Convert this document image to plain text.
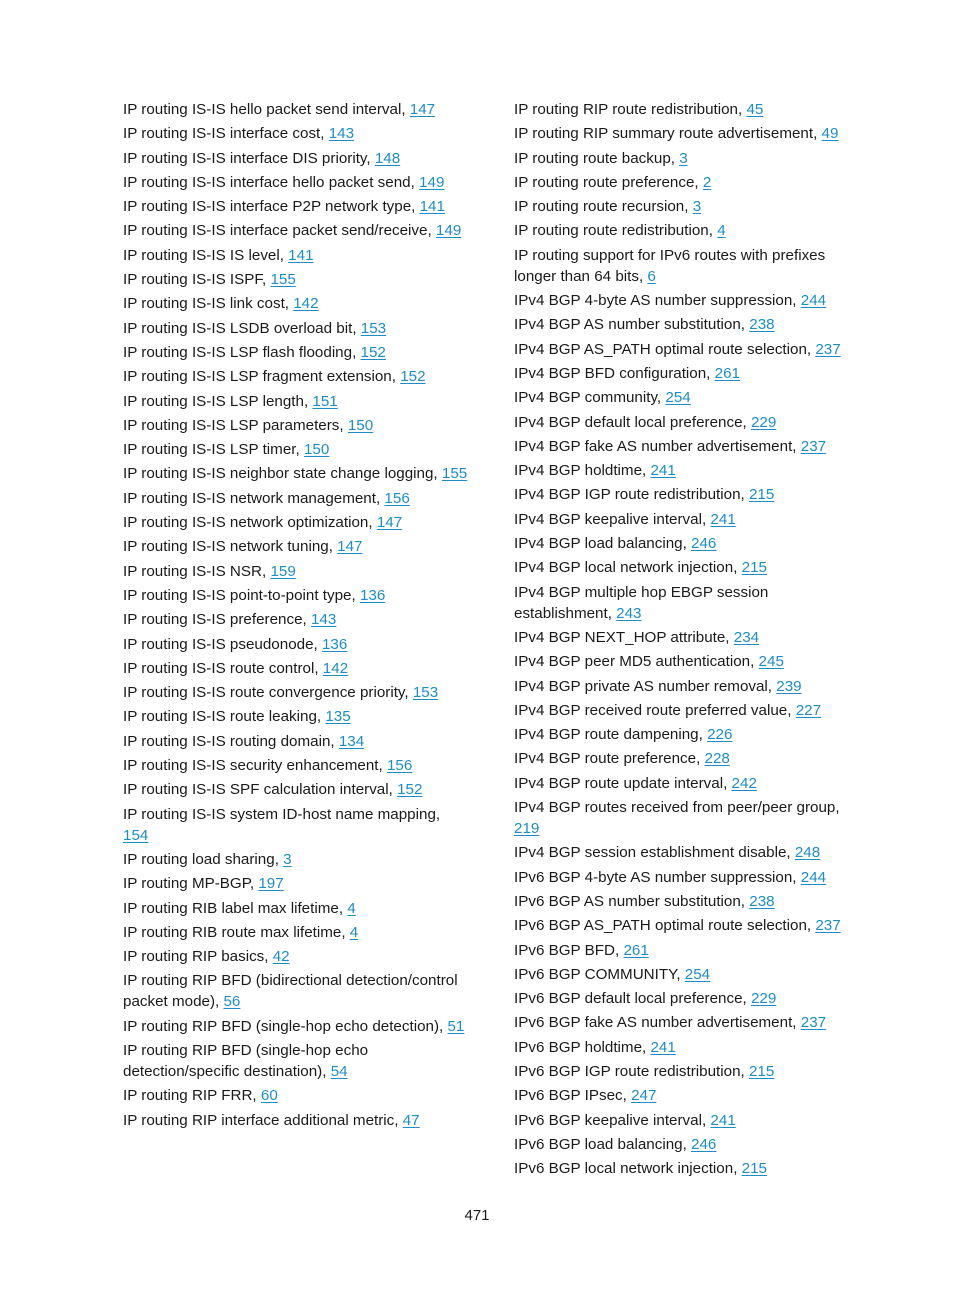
IP routing IS-IS hello packet send interval, 147
IP routing IS-IS interface cost, 143
IP routing IS-IS interface DIS priority, 148
IP routing IS-IS interface hello packet send, 149
IP routing IS-IS interface P2P network type, 141
IP routing IS-IS interface packet send/receive, 149
IP routing IS-IS IS level, 141
IP routing IS-IS ISPF, 155
IP routing IS-IS link cost, 142
IP routing IS-IS LSDB overload bit, 153
IP routing IS-IS LSP flash flooding, 152
IP routing IS-IS LSP fragment extension, 152
IP routing IS-IS LSP length, 151
IP routing IS-IS LSP parameters, 150
IP routing IS-IS LSP timer, 150
IP routing IS-IS neighbor state change logging, 155
IP routing IS-IS network management, 156
IP routing IS-IS network optimization, 147
IP routing IS-IS network tuning, 147
IP routing IS-IS NSR, 159
IP routing IS-IS point-to-point type, 136
IP routing IS-IS preference, 143
IP routing IS-IS pseudonode, 136
IP routing IS-IS route control, 142
IP routing IS-IS route convergence priority, 153
IP routing IS-IS route leaking, 135
IP routing IS-IS routing domain, 134
IP routing IS-IS security enhancement, 156
IP routing IS-IS SPF calculation interval, 152
IP routing IS-IS system ID-host name mapping, 154
IP routing load sharing, 3
IP routing MP-BGP, 197
IP routing RIB label max lifetime, 4
IP routing RIB route max lifetime, 4
IP routing RIP basics, 42
IP routing RIP BFD (bidirectional detection/control packet mode), 56
IP routing RIP BFD (single-hop echo detection), 51
IP routing RIP BFD (single-hop echo detection/specific destination), 54
IP routing RIP FRR, 60
IP routing RIP interface additional metric, 47
IP routing RIP route redistribution, 45
IP routing RIP summary route advertisement, 49
IP routing route backup, 3
IP routing route preference, 2
IP routing route recursion, 3
IP routing route redistribution, 4
IP routing support for IPv6 routes with prefixes longer than 64 bits, 6
IPv4 BGP 4-byte AS number suppression, 244
IPv4 BGP AS number substitution, 238
IPv4 BGP AS_PATH optimal route selection, 237
IPv4 BGP BFD configuration, 261
IPv4 BGP community, 254
IPv4 BGP default local preference, 229
IPv4 BGP fake AS number advertisement, 237
IPv4 BGP holdtime, 241
IPv4 BGP IGP route redistribution, 215
IPv4 BGP keepalive interval, 241
IPv4 BGP load balancing, 246
IPv4 BGP local network injection, 215
IPv4 BGP multiple hop EBGP session establishment, 243
IPv4 BGP NEXT_HOP attribute, 234
IPv4 BGP peer MD5 authentication, 245
IPv4 BGP private AS number removal, 239
IPv4 BGP received route preferred value, 227
IPv4 BGP route dampening, 226
IPv4 BGP route preference, 228
IPv4 BGP route update interval, 242
IPv4 BGP routes received from peer/peer group, 219
IPv4 BGP session establishment disable, 248
IPv6 BGP 4-byte AS number suppression, 244
IPv6 BGP AS number substitution, 238
IPv6 BGP AS_PATH optimal route selection, 237
IPv6 BGP BFD, 261
IPv6 BGP COMMUNITY, 254
IPv6 BGP default local preference, 229
IPv6 BGP fake AS number advertisement, 237
IPv6 BGP holdtime, 241
IPv6 BGP IGP route redistribution, 215
IPv6 BGP IPsec, 247
IPv6 BGP keepalive interval, 241
IPv6 BGP load balancing, 246
IPv6 BGP local network injection, 215
471
